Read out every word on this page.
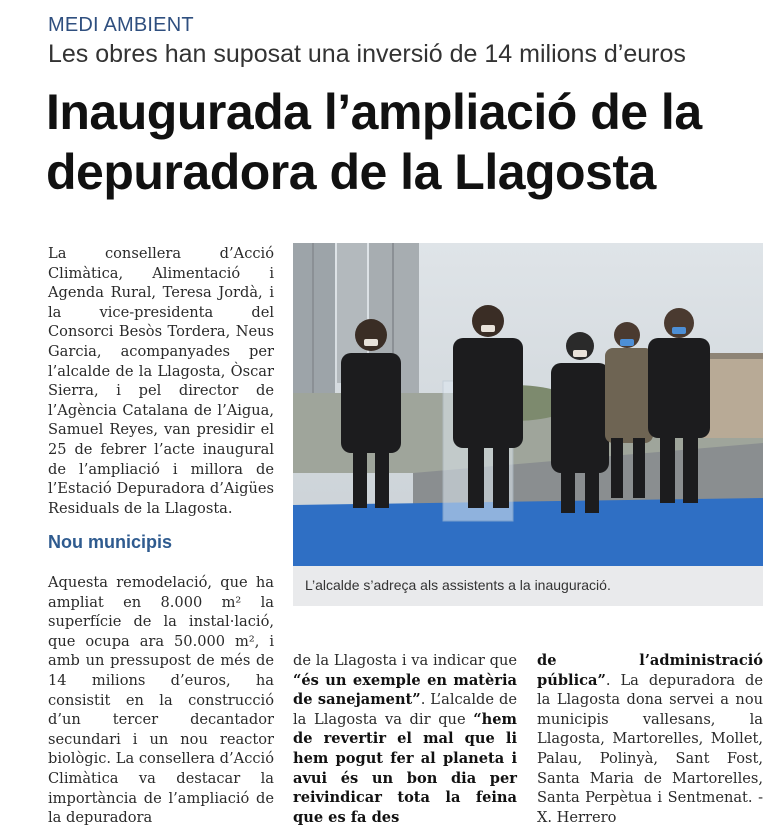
MEDI AMBIENT
Les obres han suposat una inversió de 14 milions d’euros
Inaugurada l’ampliació de la depuradora de la Llagosta

La consellera d’Acció Climàtica, Alimentació i Agenda Rural, Teresa Jordà, i la vice-presidenta del Consorci Besòs Tordera, Neus Garcia, acompanyades per l’alcalde de la Llagosta, Òscar Sierra, i pel director de l’Agència Catalana de l’Aigua, Samuel Reyes, van presidir el 25 de febrer l’acte inaugural de l’ampliació i millora de l’Estació Depuradora d’Aigües Residuals de la Llagosta.

Nou municipis

Aquesta remodelació, que ha ampliat en 8.000 m² la superfície de la instal·lació, que ocupa ara 50.000 m², i amb un pressupost de més de 14 milions d’euros, ha consistit en la construcció d’un tercer decantador secundari i un nou reactor biològic. La consellera d’Acció Climàtica va destacar la importància de l’ampliació de la depuradora

de la Llagosta i va indicar que “és un exemple en matèria de sanejament”. L’alcalde de la Llagosta va dir que “hem de revertir el mal que li hem pogut fer al planeta i avui és un bon dia per reivindicar tota la feina que es fa des

de l’administració pública”. La depuradora de la Llagosta dona servei a nou municipis vallesans, la Llagosta, Martorelles, Mollet, Palau, Polinyà, Sant Fost, Santa Maria de Martorelles, Santa Perpètua i Sentmenat. - X. Herrero

L’alcalde s’adreça als assistents a la inauguració.
